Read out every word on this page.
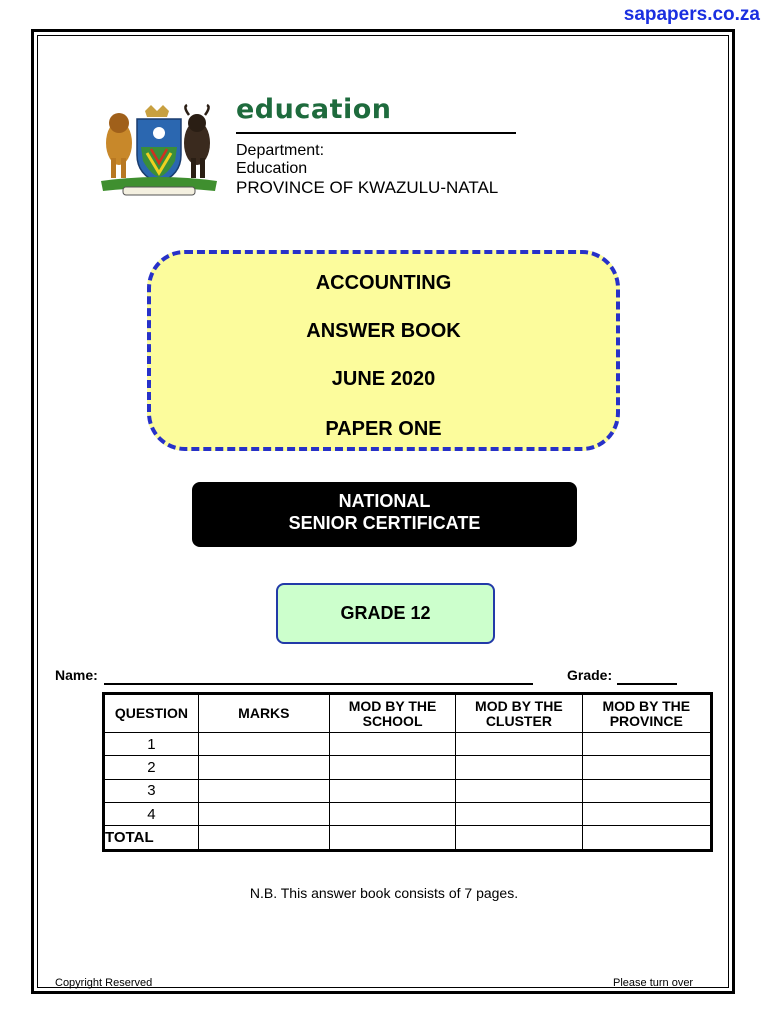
sapapers.co.za
education
Department:
Education
PROVINCE OF KWAZULU-NATAL
ACCOUNTING
ANSWER BOOK
JUNE 2020
PAPER ONE
NATIONAL
SENIOR CERTIFICATE
GRADE 12
Name:	Grade:
QUESTION	MARKS	MOD BY THE SCHOOL	MOD BY THE CLUSTER	MOD BY THE PROVINCE
1				
2				
3				
4				
TOTAL				
N.B. This answer book consists of 7 pages.
Copyright Reserved	Please turn over
